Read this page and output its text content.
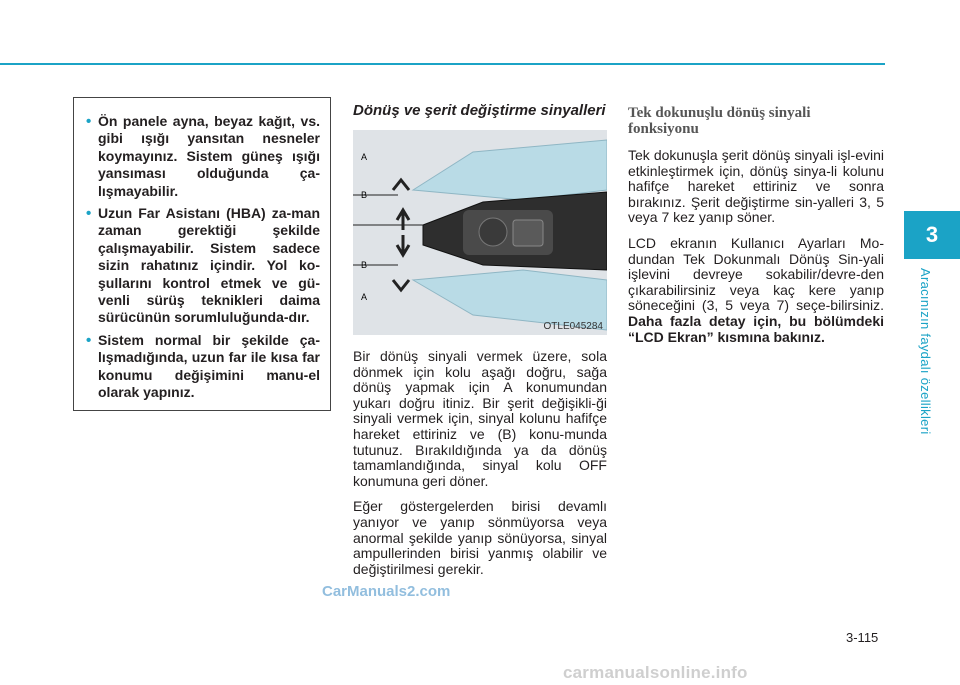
3
Aracınızın faydalı özellikleri
• Ön panele ayna, beyaz kağıt, vs. gibi ışığı yansıtan nesneler koymayınız. Sistem güneş ışığı yansıması olduğunda ça-lışmayabilir.
• Uzun Far Asistanı (HBA) za-man zaman gerektiği şekilde çalışmayabilir. Sistem sadece sizin rahatınız içindir. Yol ko-şullarını kontrol etmek ve gü-venli sürüş teknikleri daima sürücünün sorumluluğunda-dır.
• Sistem normal bir şekilde ça-lışmadığında, uzun far ile kısa far konumu değişimini manu-el olarak yapınız.
Dönüş ve şerit değiştirme sinyalleri
A
B
B
A
OTLE045284

Bir dönüş sinyali vermek üzere, sola dönmek için kolu aşağı doğru, sağa dönüş yapmak için A konumundan yukarı doğru itiniz. Bir şerit değişikli-ği sinyali vermek için, sinyal kolunu hafifçe hareket ettiriniz ve (B) konu-munda tutunuz. Bırakıldığında ya da dönüş tamamlandığında, sinyal kolu OFF konumuna geri döner.

Eğer göstergelerden birisi devamlı yanıyor ve yanıp sönmüyorsa veya anormal şekilde yanıp sönüyorsa, sinyal ampullerinden birisi yanmış olabilir ve değiştirilmesi gerekir.

Tek dokunuşlu dönüş sinyali fonksiyonu

Tek dokunuşla şerit dönüş sinyali işl-evini etkinleştirmek için, dönüş sinya-li kolunu hafifçe hareket ettiriniz ve sonra bırakınız. Şerit değiştirme sin-yalleri 3, 5 veya 7 kez yanıp söner.

LCD ekranın Kullanıcı Ayarları Mo-dundan Tek Dokunmalı Dönüş Sin-yali işlevini devreye sokabilir/devre-den çıkarabilirsiniz veya kaç kere yanıp söneceğini (3, 5 veya 7) seçe-bilirsiniz. Daha fazla detay için, bu bölümdeki “LCD Ekran” kısmına bakınız.

3-115
CarManuals2.com
carmanualsonline.info
